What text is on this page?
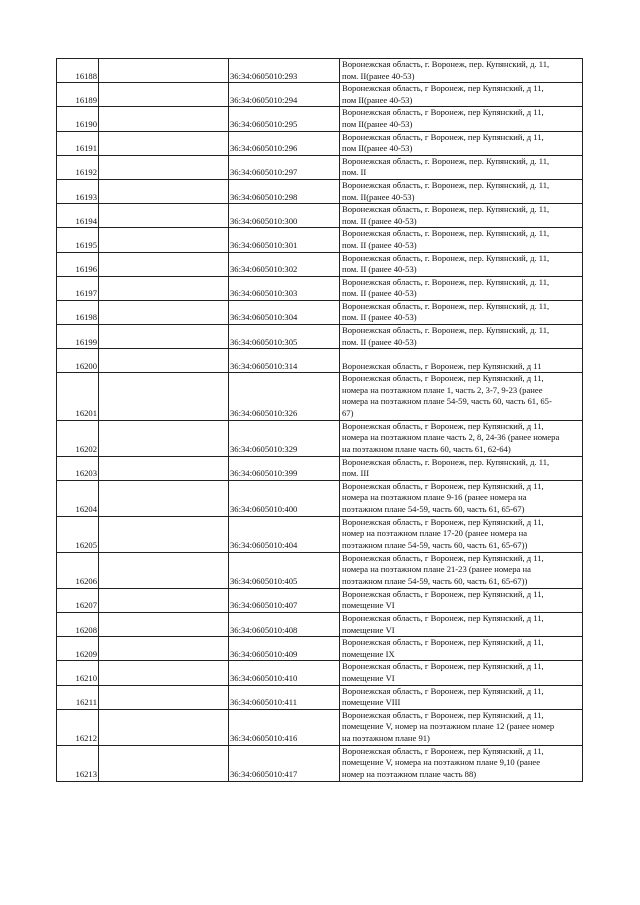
16188		36:34:0605010:293	Воронежская область, г. Воронеж, пер. Купянский, д. 11,
пом. II(ранее 40-53)

16189		36:34:0605010:294	Воронежская область, г Воронеж, пер Купянский, д 11,
пом II(ранее 40-53)

16190		36:34:0605010:295	Воронежская область, г Воронеж, пер Купянский, д 11,
пом II(ранее 40-53)

16191		36:34:0605010:296	Воронежская область, г Воронеж, пер Купянский, д 11,
пом II(ранее 40-53)

16192		36:34:0605010:297	Воронежская область, г. Воронеж, пер. Купянский, д. 11,
пом. II

16193		36:34:0605010:298	Воронежская область, г. Воронеж, пер. Купянский, д. 11,
пом. II(ранее 40-53)

16194		36:34:0605010:300	Воронежская область, г. Воронеж, пер. Купянский, д. 11,
пом. II (ранее 40-53)

16195		36:34:0605010:301	Воронежская область, г. Воронеж, пер. Купянский, д. 11,
пом. II (ранее 40-53)

16196		36:34:0605010:302	Воронежская область, г. Воронеж, пер. Купянский, д. 11,
пом. II (ранее 40-53)

16197		36:34:0605010:303	Воронежская область, г. Воронеж, пер. Купянский, д. 11,
пом. II (ранее 40-53)

16198		36:34:0605010:304	Воронежская область, г. Воронеж, пер. Купянский, д. 11,
пом. II (ранее 40-53)

16199		36:34:0605010:305	Воронежская область, г. Воронеж, пер. Купянский, д. 11,
пом. II (ранее 40-53)

16200		36:34:0605010:314	Воронежская область, г Воронеж, пер Купянский, д 11

16201		36:34:0605010:326	Воронежская область, г Воронеж, пер Купянский, д 11,
номера на поэтажном плане 1, часть 2, 3-7, 9-23 (ранее
номера на поэтажном плане 54-59, часть 60, часть 61, 65-
67)

16202		36:34:0605010:329	Воронежская область, г Воронеж, пер Купянский, д 11,
номера на поэтажном плане часть 2, 8, 24-36 (ранее номера
на поэтажном плане часть 60, часть 61, 62-64)

16203		36:34:0605010:399	Воронежская область, г. Воронеж, пер. Купянский, д. 11,
пом. III

16204		36:34:0605010:400	Воронежская область, г Воронеж, пер Купянский, д 11,
номера на поэтажном плане 9-16 (ранее номера на
поэтажном плане 54-59, часть 60, часть 61, 65-67)

16205		36:34:0605010:404	Воронежская область, г Воронеж, пер Купянский, д 11,
номер на поэтажном плане 17-20 (ранее номера на
поэтажном плане 54-59, часть 60, часть 61, 65-67))

16206		36:34:0605010:405	Воронежская область, г Воронеж, пер Купянский, д 11,
номера на поэтажном плане 21-23 (ранее номера на
поэтажном плане 54-59, часть 60, часть 61, 65-67))

16207		36:34:0605010:407	Воронежская область, г Воронеж, пер Купянский, д 11,
помещение VI

16208		36:34:0605010:408	Воронежская область, г Воронеж, пер Купянский, д 11,
помещение VI

16209		36:34:0605010:409	Воронежская область, г Воронеж, пер Купянский, д 11,
помещение IX

16210		36:34:0605010:410	Воронежская область, г Воронеж, пер Купянский, д 11,
помещение VI

16211		36:34:0605010:411	Воронежская область, г Воронеж, пер Купянский, д 11,
помещение VIII

16212		36:34:0605010:416	Воронежская область, г Воронеж, пер Купянский, д 11,
помещение V, номер на поэтажном плане 12 (ранее номер
на поэтажном плане 91)

16213		36:34:0605010:417	Воронежская область, г Воронеж, пер Купянский, д 11,
помещение V, номера на поэтажном плане 9,10 (ранее
номер на поэтажном плане часть 88)
